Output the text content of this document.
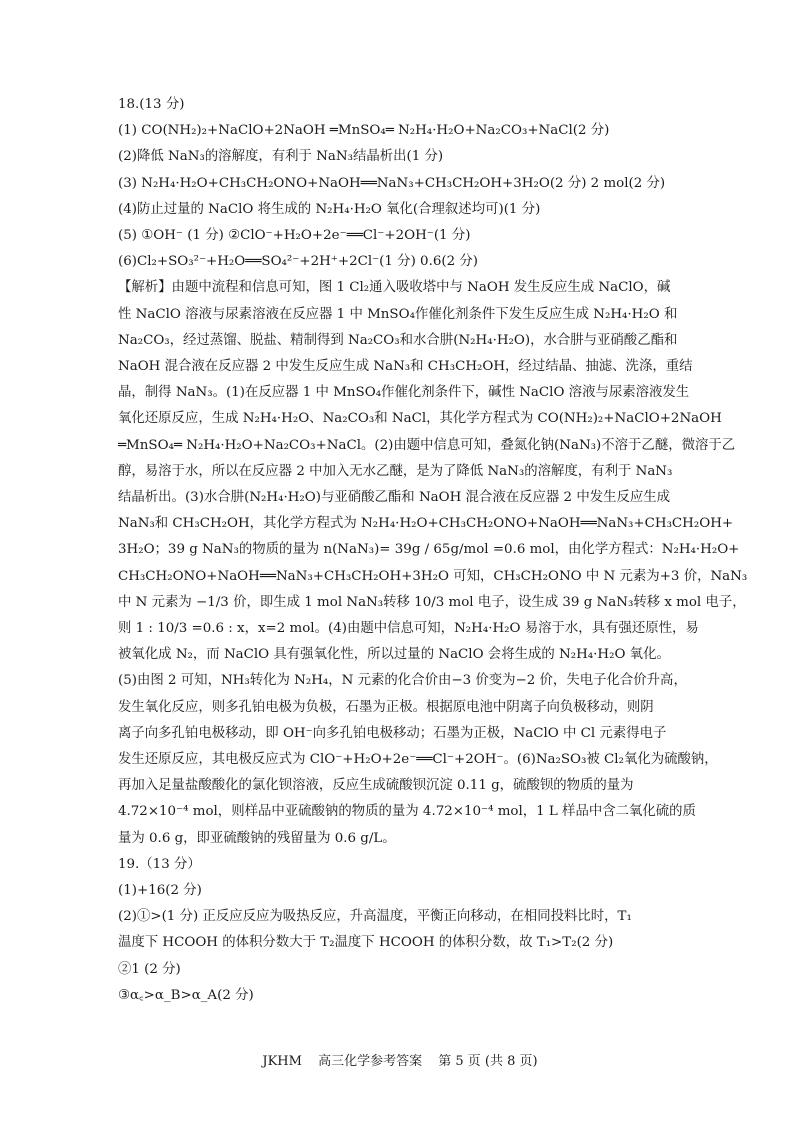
18.(13 分)
(1) CO(NH₂)₂+NaClO+2NaOH ═MnSO₄═ N₂H₄·H₂O+Na₂CO₃+NaCl(2 分)
(2)降低 NaN₃的溶解度，有利于 NaN₃结晶析出(1 分)
(3) N₂H₄·H₂O+CH₃CH₂ONO+NaOH══NaN₃+CH₃CH₂OH+3H₂O(2 分) 2 mol(2 分)
(4)防止过量的 NaClO 将生成的 N₂H₄·H₂O 氧化(合理叙述均可)(1 分)
(5) ①OH⁻ (1 分) ②ClO⁻+H₂O+2e⁻══Cl⁻+2OH⁻(1 分)
(6)Cl₂+SO₃²⁻+H₂O══SO₄²⁻+2H⁺+2Cl⁻(1 分) 0.6(2 分)
【解析】由题中流程和信息可知，图 1 Cl₂通入吸收塔中与 NaOH 发生反应生成 NaClO，碱
性 NaClO 溶液与尿素溶液在反应器 1 中 MnSO₄作催化剂条件下发生反应生成 N₂H₄·H₂O 和
Na₂CO₃，经过蒸馏、脱盐、精制得到 Na₂CO₃和水合肼(N₂H₄·H₂O)，水合肼与亚硝酸乙酯和
NaOH 混合液在反应器 2 中发生反应生成 NaN₃和 CH₃CH₂OH，经过结晶、抽滤、洗涤，重结
晶，制得 NaN₃。(1)在反应器 1 中 MnSO₄作催化剂条件下，碱性 NaClO 溶液与尿素溶液发生
氧化还原反应，生成 N₂H₄·H₂O、Na₂CO₃和 NaCl，其化学方程式为 CO(NH₂)₂+NaClO+2NaOH
═MnSO₄═ N₂H₄·H₂O+Na₂CO₃+NaCl。(2)由题中信息可知，叠氮化钠(NaN₃)不溶于乙醚，微溶于乙
醇，易溶于水，所以在反应器 2 中加入无水乙醚，是为了降低 NaN₃的溶解度，有利于 NaN₃
结晶析出。(3)水合肼(N₂H₄·H₂O)与亚硝酸乙酯和 NaOH 混合液在反应器 2 中发生反应生成
NaN₃和 CH₃CH₂OH，其化学方程式为 N₂H₄·H₂O+CH₃CH₂ONO+NaOH══NaN₃+CH₃CH₂OH+
3H₂O；39 g NaN₃的物质的量为 n(NaN₃)= 39g / 65g/mol =0.6 mol，由化学方程式：N₂H₄·H₂O+
CH₃CH₂ONO+NaOH══NaN₃+CH₃CH₂OH+3H₂O 可知，CH₃CH₂ONO 中 N 元素为+3 价，NaN₃
中 N 元素为 −1/3 价，即生成 1 mol NaN₃转移 10/3 mol 电子，设生成 39 g NaN₃转移 x mol 电子，
则 1 : 10/3 =0.6 : x，x=2 mol。(4)由题中信息可知，N₂H₄·H₂O 易溶于水，具有强还原性，易
被氧化成 N₂，而 NaClO 具有强氧化性，所以过量的 NaClO 会将生成的 N₂H₄·H₂O 氧化。
(5)由图 2 可知，NH₃转化为 N₂H₄，N 元素的化合价由−3 价变为−2 价，失电子化合价升高，
发生氧化反应，则多孔铂电极为负极，石墨为正极。根据原电池中阴离子向负极移动，则阴
离子向多孔铂电极移动，即 OH⁻向多孔铂电极移动；石墨为正极，NaClO 中 Cl 元素得电子
发生还原反应，其电极反应式为 ClO⁻+H₂O+2e⁻══Cl⁻+2OH⁻。(6)Na₂SO₃被 Cl₂氧化为硫酸钠，
再加入足量盐酸酸化的氯化钡溶液，反应生成硫酸钡沉淀 0.11 g，硫酸钡的物质的量为
4.72×10⁻⁴ mol，则样品中亚硫酸钠的物质的量为 4.72×10⁻⁴ mol，1 L 样品中含二氧化硫的质
量为 0.6 g，即亚硫酸钠的残留量为 0.6 g/L。
19.（13 分）
(1)+16(2 分)
(2)①>(1 分) 正反应反应为吸热反应，升高温度，平衡正向移动，在相同投料比时，T₁
温度下 HCOOH 的体积分数大于 T₂温度下 HCOOH 的体积分数，故 T₁>T₂(2 分)
②1 (2 分)
③α꜀>α_B>α_A(2 分)
JKHM 高三化学参考答案 第 5 页 (共 8 页)
